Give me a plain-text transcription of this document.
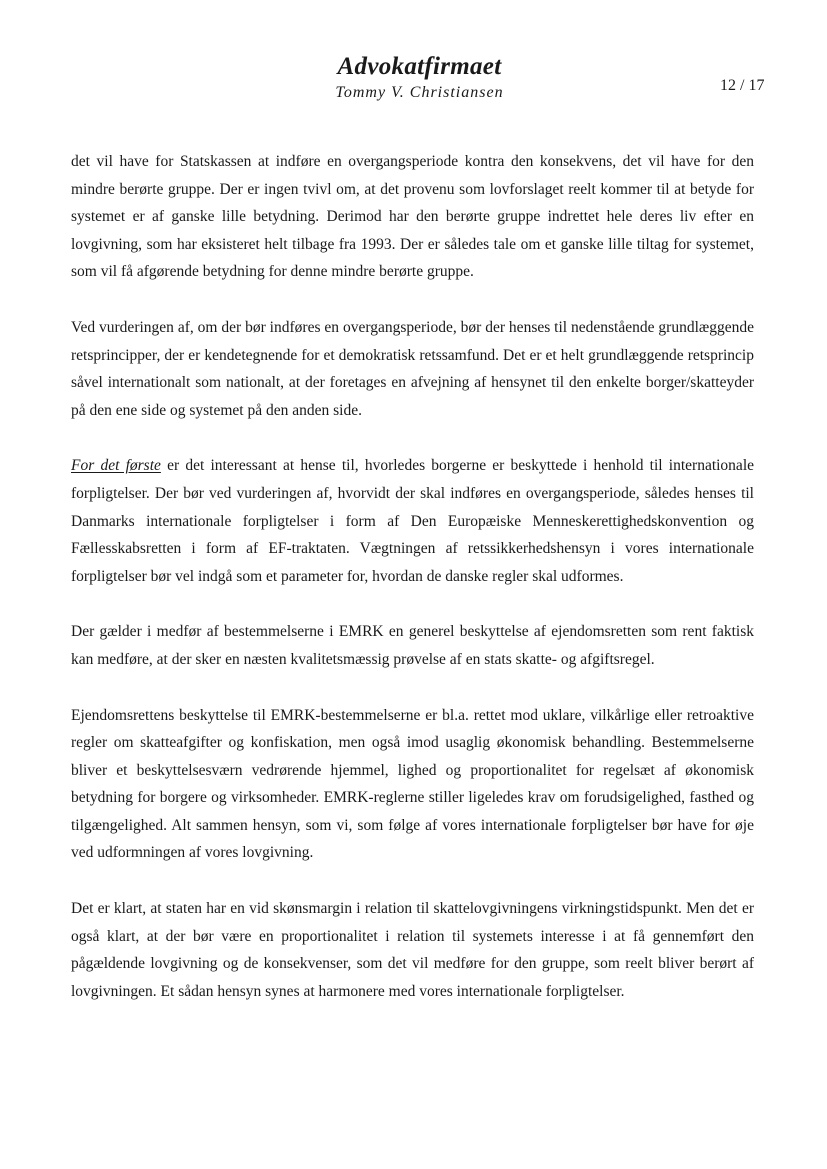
Advokatfirmaet
Tommy V. Christiansen	12 / 17

det vil have for Statskassen at indføre en overgangsperiode kontra den konsekvens, det vil have for den mindre berørte gruppe. Der er ingen tvivl om, at det provenu som lovforslaget reelt kommer til at betyde for systemet er af ganske lille betydning. Derimod har den berørte gruppe indrettet hele deres liv efter en lovgivning, som har eksisteret helt tilbage fra 1993. Der er således tale om et ganske lille tiltag for systemet, som vil få afgørende betydning for denne mindre berørte gruppe.

Ved vurderingen af, om der bør indføres en overgangsperiode, bør der henses til nedenstående grundlæggende retsprincipper, der er kendetegnende for et demokratisk retssamfund. Det er et helt grundlæggende retsprincip såvel internationalt som nationalt, at der foretages en afvejning af hensynet til den enkelte borger/skatteyder på den ene side og systemet på den anden side.

For det første er det interessant at hense til, hvorledes borgerne er beskyttede i henhold til internationale forpligtelser. Der bør ved vurderingen af, hvorvidt der skal indføres en overgangsperiode, således henses til Danmarks internationale forpligtelser i form af Den Europæiske Menneskerettighedskonvention og Fællesskabsretten i form af EF-traktaten. Vægtningen af retssikkerhedshensyn i vores internationale forpligtelser bør vel indgå som et parameter for, hvordan de danske regler skal udformes.

Der gælder i medfør af bestemmelserne i EMRK en generel beskyttelse af ejendomsretten som rent faktisk kan medføre, at der sker en næsten kvalitetsmæssig prøvelse af en stats skatte- og afgiftsregel.

Ejendomsrettens beskyttelse til EMRK-bestemmelserne er bl.a. rettet mod uklare, vilkårlige eller retroaktive regler om skatteafgifter og konfiskation, men også imod usaglig økonomisk behandling. Bestemmelserne bliver et beskyttelsesværn vedrørende hjemmel, lighed og proportionalitet for regelsæt af økonomisk betydning for borgere og virksomheder. EMRK-reglerne stiller ligeledes krav om forudsigelighed, fasthed og tilgængelighed. Alt sammen hensyn, som vi, som følge af vores internationale forpligtelser bør have for øje ved udformningen af vores lovgivning.

Det er klart, at staten har en vid skønsmargin i relation til skattelovgivningens virkningstidspunkt. Men det er også klart, at der bør være en proportionalitet i relation til systemets interesse i at få gennemført den pågældende lovgivning og de konsekvenser, som det vil medføre for den gruppe, som reelt bliver berørt af lovgivningen. Et sådan hensyn synes at harmonere med vores internationale forpligtelser.
